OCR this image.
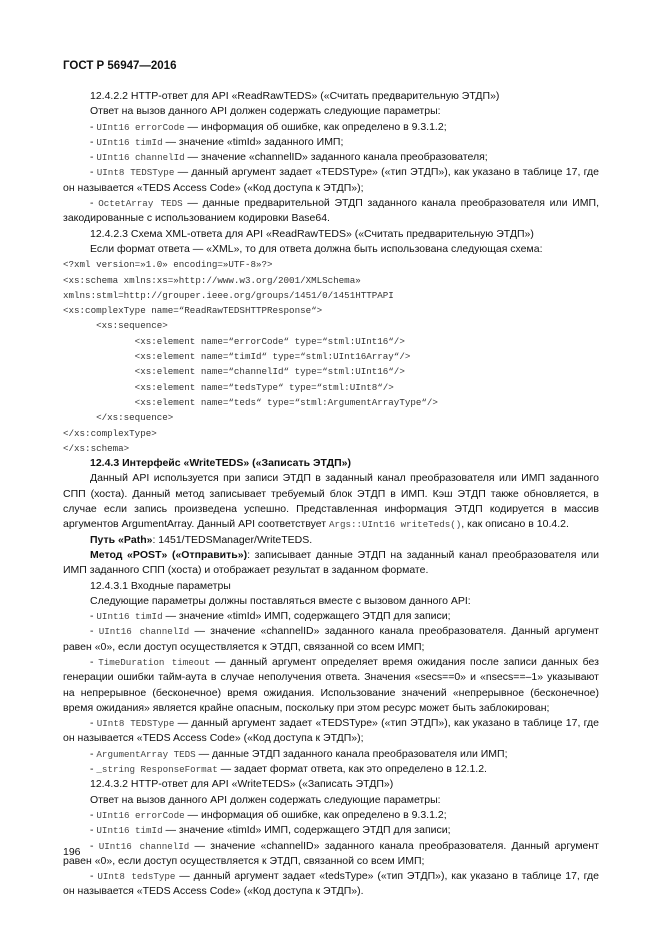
ГОСТ Р 56947—2016

12.4.2.2 HTTP-ответ для API «ReadRawTEDS» («Считать предварительную ЭТДП»)

Ответ на вызов данного API должен содержать следующие параметры:

- UInt16 errorCode — информация об ошибке, как определено в 9.3.1.2;

- UInt16 timId — значение «timId» заданного ИМП;

- UInt16 channelId — значение «channelID» заданного канала преобразователя;

- UInt8 TEDSType — данный аргумент задает «TEDSType» («тип ЭТДП»), как указано в таблице 17, где он называется «TEDS Access Code» («Код доступа к ЭТДП»);

- OctetArray TEDS — данные предварительной ЭТДП заданного канала преобразователя или ИМП, закодированные с использованием кодировки Base64.

12.4.2.3 Схема XML-ответа для API «ReadRawTEDS» («Считать предварительную ЭТДП»)

Если формат ответа — «XML», то для ответа должна быть использована следующая схема:

<?xml version=»1.0» encoding=»UTF-8»?>
<xs:schema xmlns:xs=»http://www.w3.org/2001/XMLSchema»
xmlns:stml=http://grouper.ieee.org/groups/1451/0/1451HTTPAPI
<xs:complexType name=“ReadRawTEDSHTTPResponse“>
<xs:sequence>
<xs:element name=“errorCode“ type=“stml:UInt16“/>
<xs:element name=“timId“ type=“stml:UInt16Array“/>
<xs:element name=“channelId“ type=“stml:UInt16“/>
<xs:element name=“tedsType“ type=“stml:UInt8“/>
<xs:element name=“teds“ type=“stml:ArgumentArrayType“/>
</xs:sequence>
</xs:complexType>
</xs:schema>

12.4.3 Интерфейс «WriteTEDS» («Записать ЭТДП»)

Данный API используется при записи ЭТДП в заданный канал преобразователя или ИМП заданного СПП (хоста). Данный метод записывает требуемый блок ЭТДП в ИМП. Кэш ЭТДП также обновляется, в случае если запись произведена успешно. Представленная информация ЭТДП кодируется в массив аргументов ArgumentArray. Данный API соответствует Args::UInt16 writeTeds(), как описано в 10.4.2.

Путь «Path»: 1451/TEDSManager/WriteTEDS.

Метод «POST» («Отправить»): записывает данные ЭТДП на заданный канал преобразователя или ИМП заданного СПП (хоста) и отображает результат в заданном формате.

12.4.3.1 Входные параметры

Следующие параметры должны поставляться вместе с вызовом данного API:

- UInt16 timId — значение «timId» ИМП, содержащего ЭТДП для записи;

- UInt16 channelId — значение «channelID» заданного канала преобразователя. Данный аргумент равен «0», если доступ осуществляется к ЭТДП, связанной со всем ИМП;

- TimeDuration timeout — данный аргумент определяет время ожидания после записи данных без генерации ошибки тайм-аута в случае неполучения ответа. Значения «secs==0» и «nsecs==–1» указывают на непрерывное (бесконечное) время ожидания. Использование значений «непрерывное (бесконечное) время ожидания» является крайне опасным, поскольку при этом ресурс может быть заблокирован;

- UInt8 TEDSType — данный аргумент задает «TEDSType» («тип ЭТДП»), как указано в таблице 17, где он называется «TEDS Access Code» («Код доступа к ЭТДП»);

- ArgumentArray TEDS — данные ЭТДП заданного канала преобразователя или ИМП;

- _string ResponseFormat — задает формат ответа, как это определено в 12.1.2.

12.4.3.2 HTTP-ответ для API «WriteTEDS» («Записать ЭТДП»)

Ответ на вызов данного API должен содержать следующие параметры:

- UInt16 errorCode — информация об ошибке, как определено в 9.3.1.2;

- UInt16 timId — значение «timId» ИМП, содержащего ЭТДП для записи;

- UInt16 channelId — значение «channelID» заданного канала преобразователя. Данный аргумент равен «0», если доступ осуществляется к ЭТДП, связанной со всем ИМП;

- UInt8 tedsType — данный аргумент задает «tedsType» («тип ЭТДП»), как указано в таблице 17, где он называется «TEDS Access Code» («Код доступа к ЭТДП»).

196
